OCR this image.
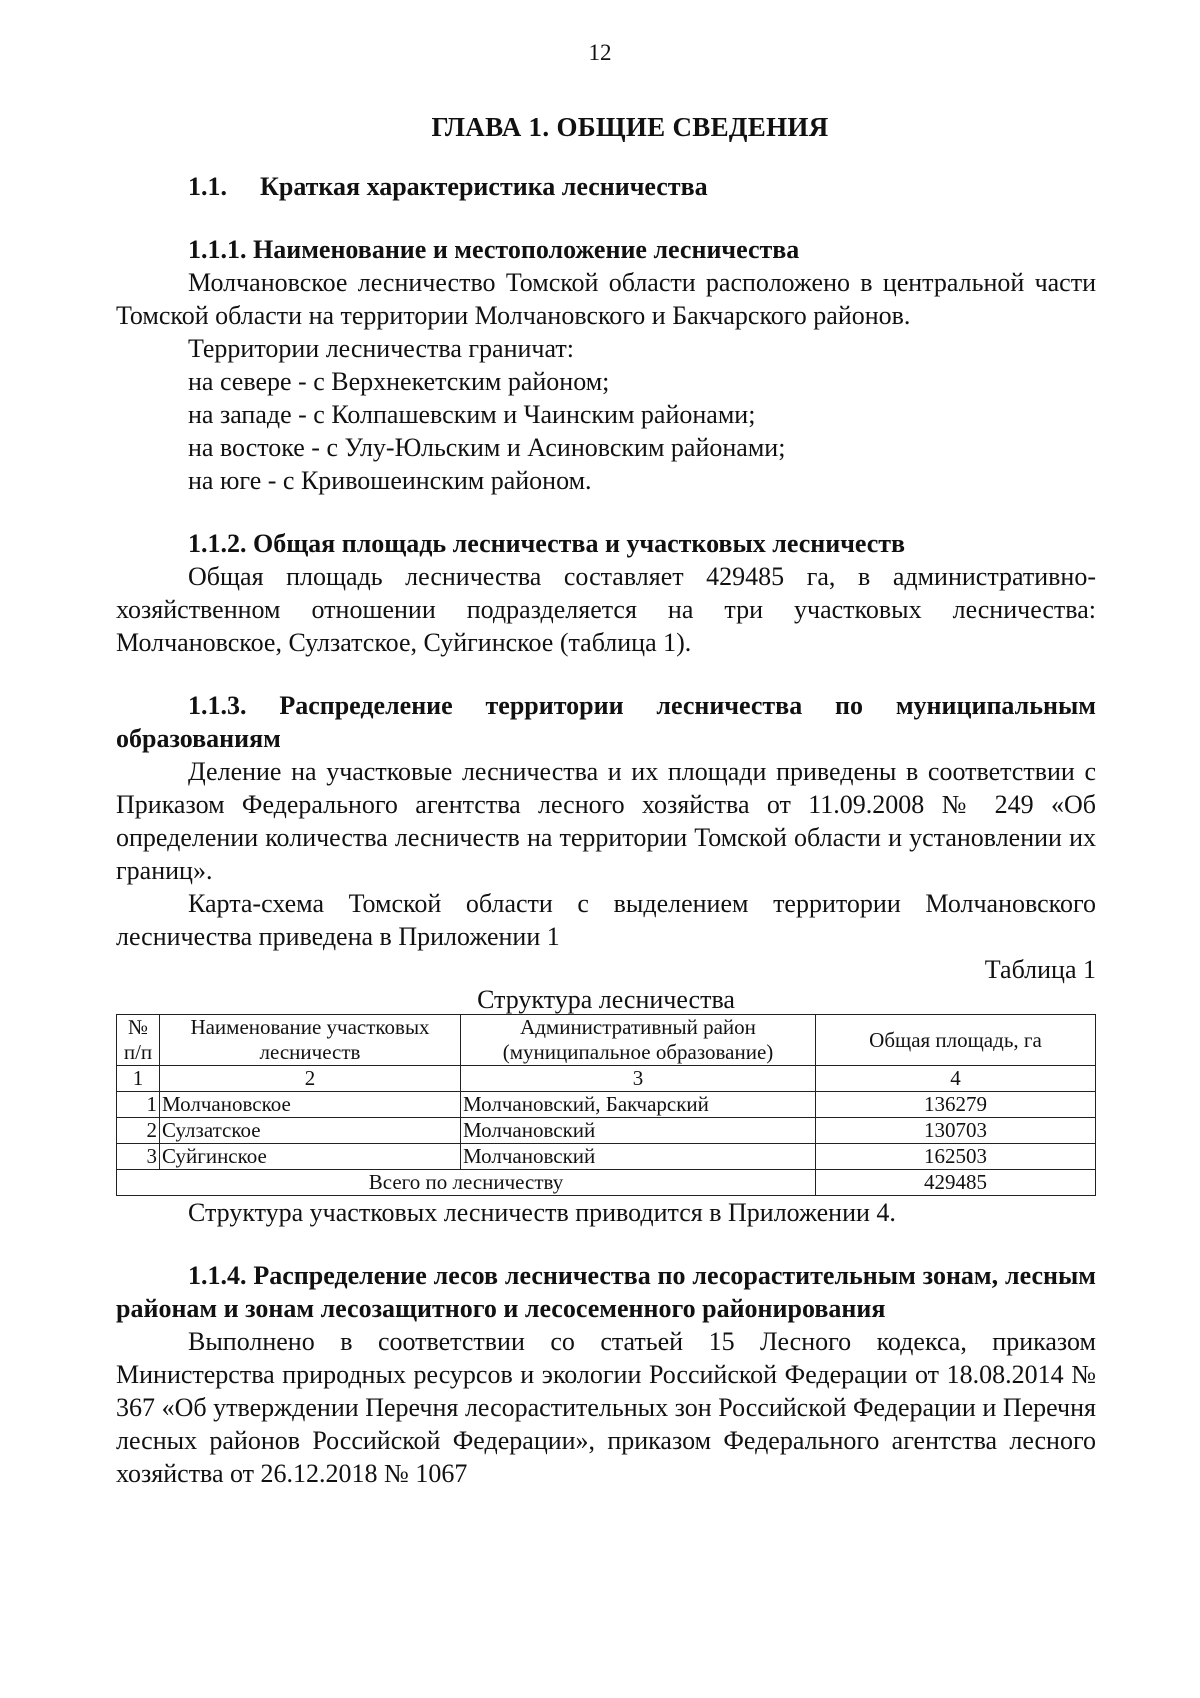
12
ГЛАВА 1. ОБЩИЕ СВЕДЕНИЯ

1.1. Краткая характеристика лесничества

1.1.1. Наименование и местоположение лесничества

Молчановское лесничество Томской области расположено в центральной части Томской области на территории Молчановского и Бакчарского районов.

Территории лесничества граничат:

на севере - с Верхнекетским районом;

на западе - с Колпашевским и Чаинским районами;

на востоке - с Улу-Юльским и Асиновским районами;

на юге - с Кривошеинским районом.

1.1.2. Общая площадь лесничества и участковых лесничеств

Общая площадь лесничества составляет 429485 га, в административно-хозяйственном отношении подразделяется на три участковых лесничества: Молчановское, Сулзатское, Суйгинское (таблица 1).

1.1.3. Распределение территории лесничества по муниципальным образованиям

Деление на участковые лесничества и их площади приведены в соответствии с Приказом Федерального агентства лесного хозяйства от 11.09.2008 № 249 «Об определении количества лесничеств на территории Томской области и установлении их границ».

Карта-схема Томской области с выделением территории Молчановского лесничества приведена в Приложении 1

Таблица 1

Структура лесничества

№ п/п	Наименование участковых лесничеств	Административный район (муниципальное образование)	Общая площадь, га
1	2	3	4
1	Молчановское	Молчановский, Бакчарский	136279
2	Сулзатское	Молчановский	130703
3	Суйгинское	Молчановский	162503
Всего по лесничеству			429485

Структура участковых лесничеств приводится в Приложении 4.

1.1.4. Распределение лесов лесничества по лесорастительным зонам, лесным районам и зонам лесозащитного и лесосеменного районирования

Выполнено в соответствии со статьей 15 Лесного кодекса, приказом Министерства природных ресурсов и экологии Российской Федерации от 18.08.2014 № 367 «Об утверждении Перечня лесорастительных зон Российской Федерации и Перечня лесных районов Российской Федерации», приказом Федерального агентства лесного хозяйства от 26.12.2018 № 1067
